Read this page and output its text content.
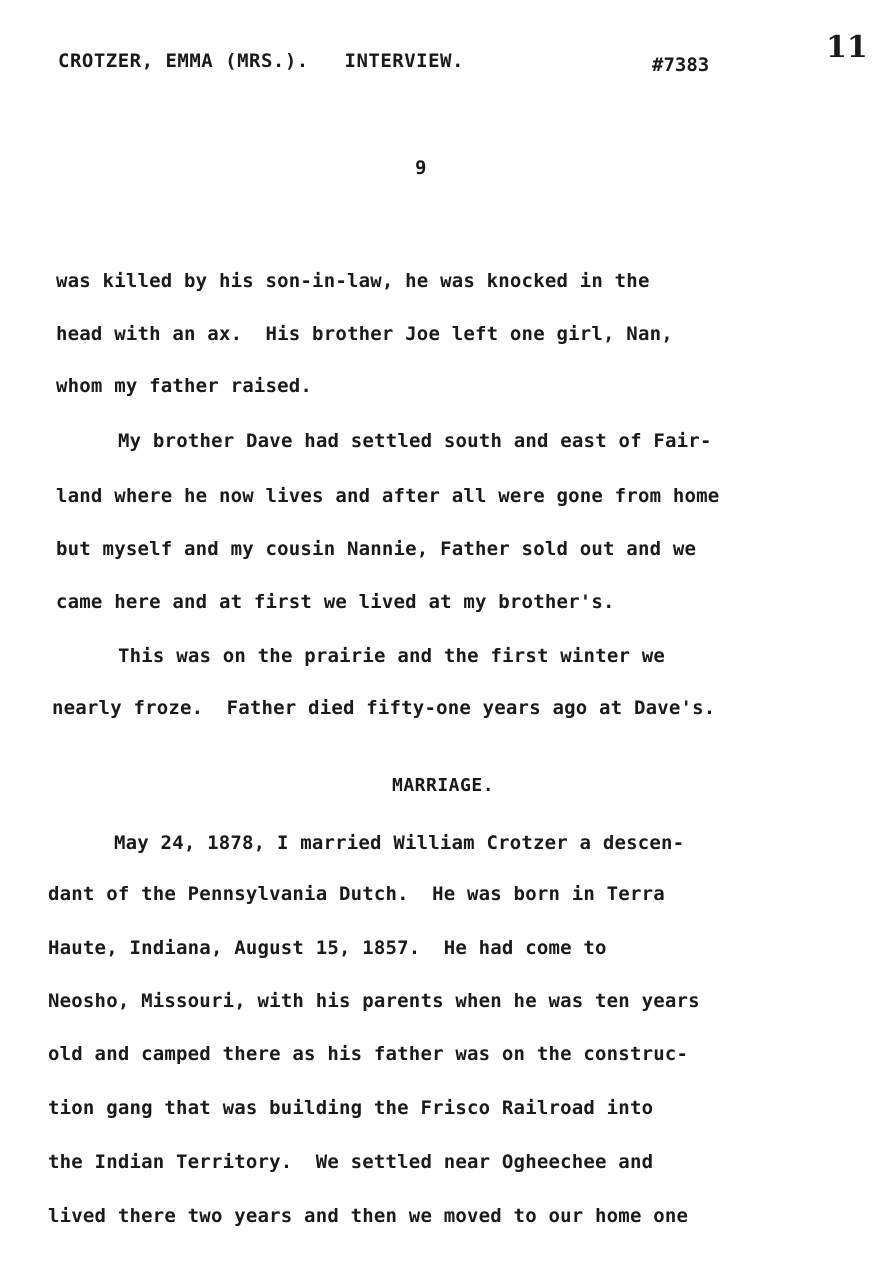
CROTZER, EMMA (MRS.).   INTERVIEW.	#7383	11
9
was killed by his son-in-law, he was knocked in the
head with an ax.  His brother Joe left one girl, Nan,
whom my father raised.
My brother Dave had settled south and east of Fair-
land where he now lives and after all were gone from home
but myself and my cousin Nannie, Father sold out and we
came here and at first we lived at my brother's.
This was on the prairie and the first winter we
nearly froze.  Father died fifty-one years ago at Dave's.
MARRIAGE.
May 24, 1878, I married William Crotzer a descen-
dant of the Pennsylvania Dutch.  He was born in Terra
Haute, Indiana, August 15, 1857.  He had come to
Neosho, Missouri, with his parents when he was ten years
old and camped there as his father was on the construc-
tion gang that was building the Frisco Railroad into
the Indian Territory.  We settled near Ogheechee and
lived there two years and then we moved to our home one
